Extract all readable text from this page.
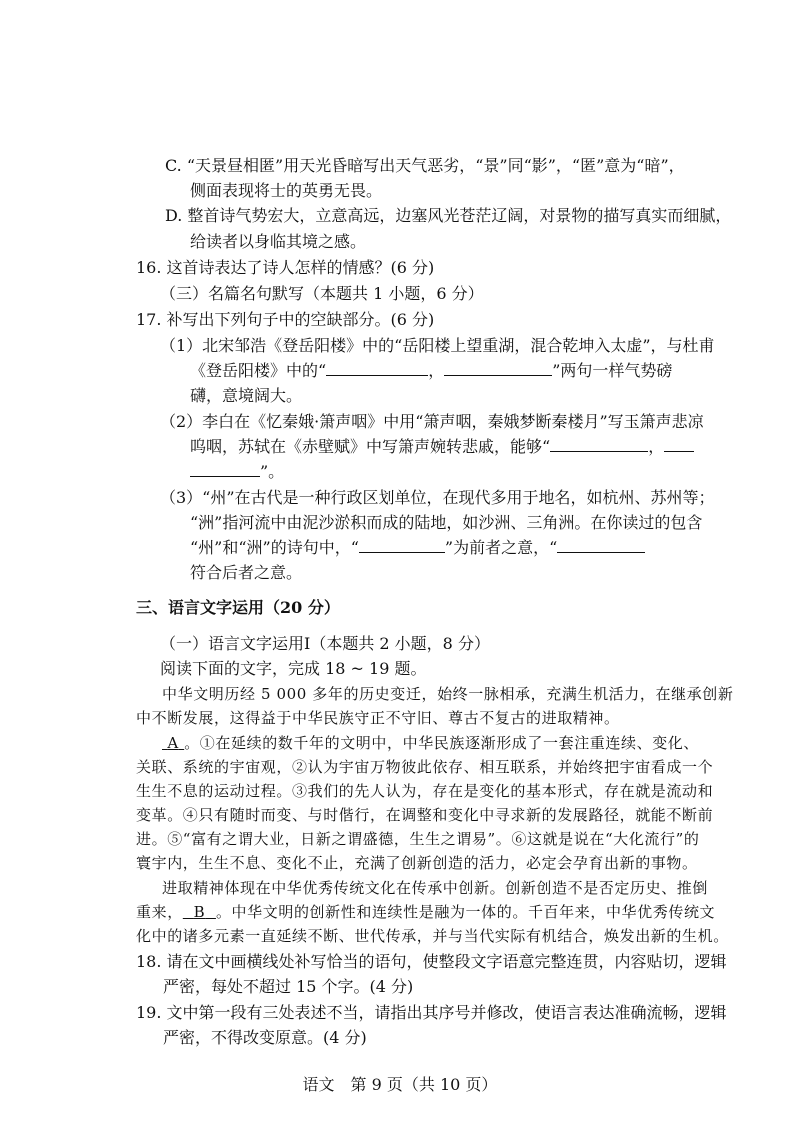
C. “天景昼相匿”用天光昏暗写出天气恶劣，“景”同“影”，“匿”意为“暗”，
侧面表现将士的英勇无畏。
D. 整首诗气势宏大，立意高远，边塞风光苍茫辽阔，对景物的描写真实而细腻，
给读者以身临其境之感。
16. 这首诗表达了诗人怎样的情感？(6 分)
（三）名篇名句默写（本题共 1 小题，6 分）
17. 补写出下列句子中的空缺部分。(6 分)
（1）北宋邹浩《登岳阳楼》中的“岳阳楼上望重湖，混合乾坤入太虚”，与杜甫
《登岳阳楼》中的“	，	”两句一样气势磅
礴，意境阔大。
（2）李白在《忆秦娥·箫声咽》中用“箫声咽，秦娥梦断秦楼月”写玉箫声悲凉
呜咽，苏轼在《赤壁赋》中写箫声婉转悲戚，能够“	，
”。
（3）“州”在古代是一种行政区划单位，在现代多用于地名，如杭州、苏州等；
“洲”指河流中由泥沙淤积而成的陆地，如沙洲、三角洲。在你读过的包含
“州”和“洲”的诗句中，“	”为前者之意，“
符合后者之意。
三、语言文字运用（20 分）
（一）语言文字运用Ⅰ（本题共 2 小题，8 分）
阅读下面的文字，完成 18 ~ 19 题。
中华文明历经 5 000 多年的历史变迁，始终一脉相承，充满生机活力，在继承创新
中不断发展，这得益于中华民族守正不守旧、尊古不复古的进取精神。
A 。①在延续的数千年的文明中，中华民族逐渐形成了一套注重连续、变化、
关联、系统的宇宙观，②认为宇宙万物彼此依存、相互联系，并始终把宇宙看成一个
生生不息的运动过程。③我们的先人认为，存在是变化的基本形式，存在就是流动和
变革。④只有随时而变、与时偕行，在调整和变化中寻求新的发展路径，就能不断前
进。⑤“富有之谓大业，日新之谓盛德，生生之谓易”。⑥这就是说在“大化流行”的
寰宇内，生生不息、变化不止，充满了创新创造的活力，必定会孕育出新的事物。
进取精神体现在中华优秀传统文化在传承中创新。创新创造不是否定历史、推倒
重来， B 。中华文明的创新性和连续性是融为一体的。千百年来，中华优秀传统文
化中的诸多元素一直延续不断、世代传承，并与当代实际有机结合，焕发出新的生机。
18. 请在文中画横线处补写恰当的语句，使整段文字语意完整连贯，内容贴切，逻辑
严密，每处不超过 15 个字。(4 分)
19. 文中第一段有三处表述不当，请指出其序号并修改，使语言表达准确流畅，逻辑
严密，不得改变原意。(4 分)
语文　第 9 页（共 10 页）
